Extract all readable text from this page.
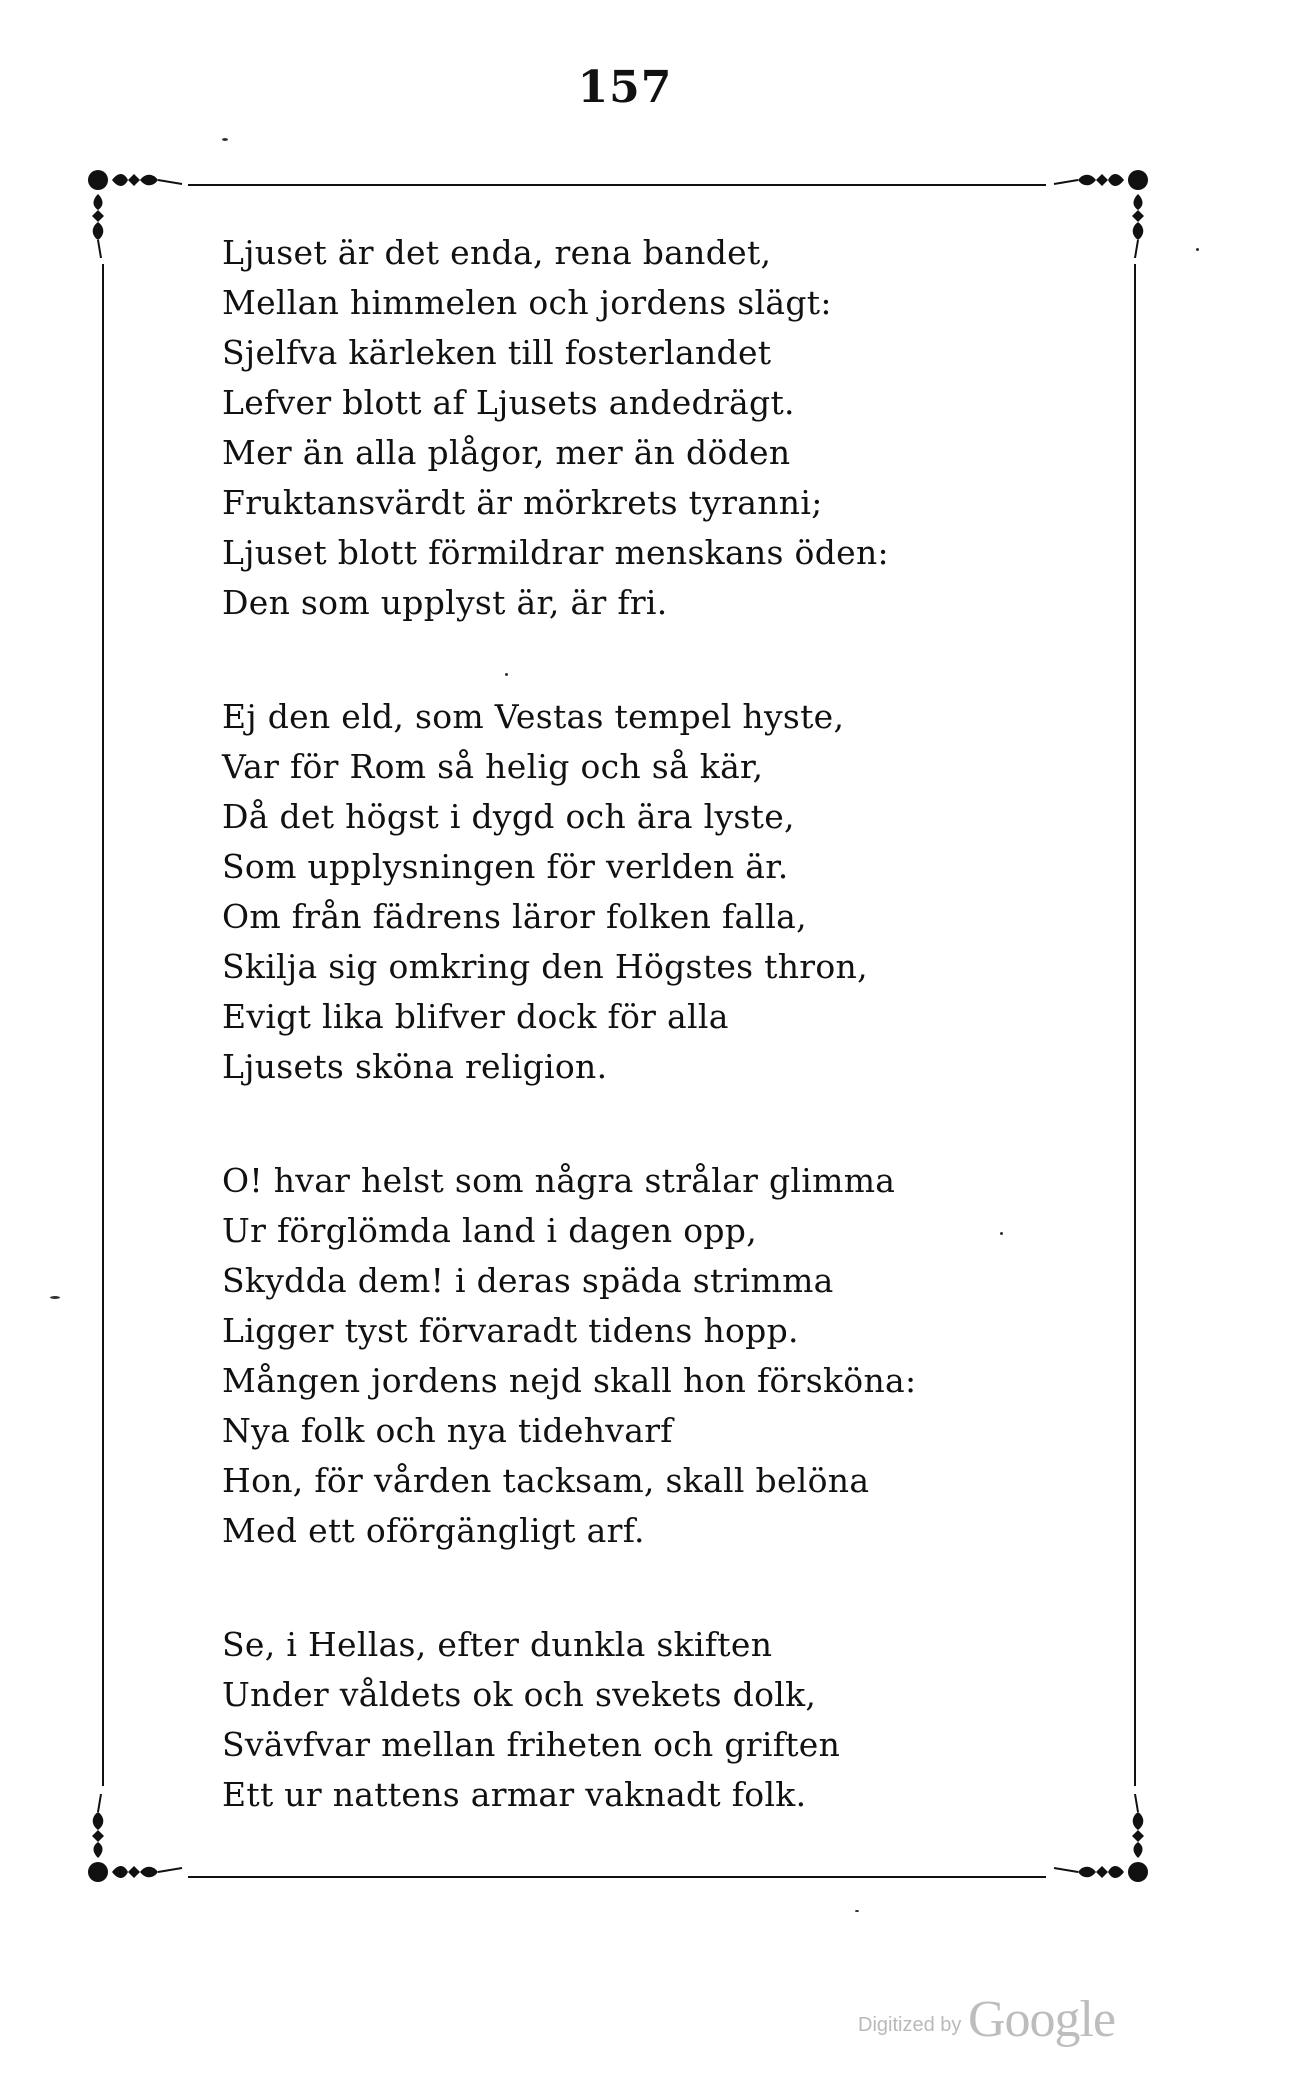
157
Ljuset är det enda, rena bandet,
Mellan himmelen och jordens slägt:
Sjelfva kärleken till fosterlandet
Lefver blott af Ljusets andedrägt.
Mer än alla plågor, mer än döden
Fruktansvärdt är mörkrets tyranni;
Ljuset blott förmildrar menskans öden:
Den som upplyst är, är fri.
Ej den eld, som Vestas tempel hyste,
Var för Rom så helig och så kär,
Då det högst i dygd och ära lyste,
Som upplysningen för verlden är.
Om från fädrens läror folken falla,
Skilja sig omkring den Högstes thron,
Evigt lika blifver dock för alla
Ljusets sköna religion.
O! hvar helst som några strålar glimma
Ur förglömda land i dagen opp,
Skydda dem! i deras späda strimma
Ligger tyst förvaradt tidens hopp.
Mången jordens nejd skall hon försköna:
Nya folk och nya tidehvarf
Hon, för vården tacksam, skall belöna
Med ett oförgängligt arf.
Se, i Hellas, efter dunkla skiften
Under våldets ok och svekets dolk,
Svävfvar mellan friheten och griften
Ett ur nattens armar vaknadt folk.
Digitized by Google
